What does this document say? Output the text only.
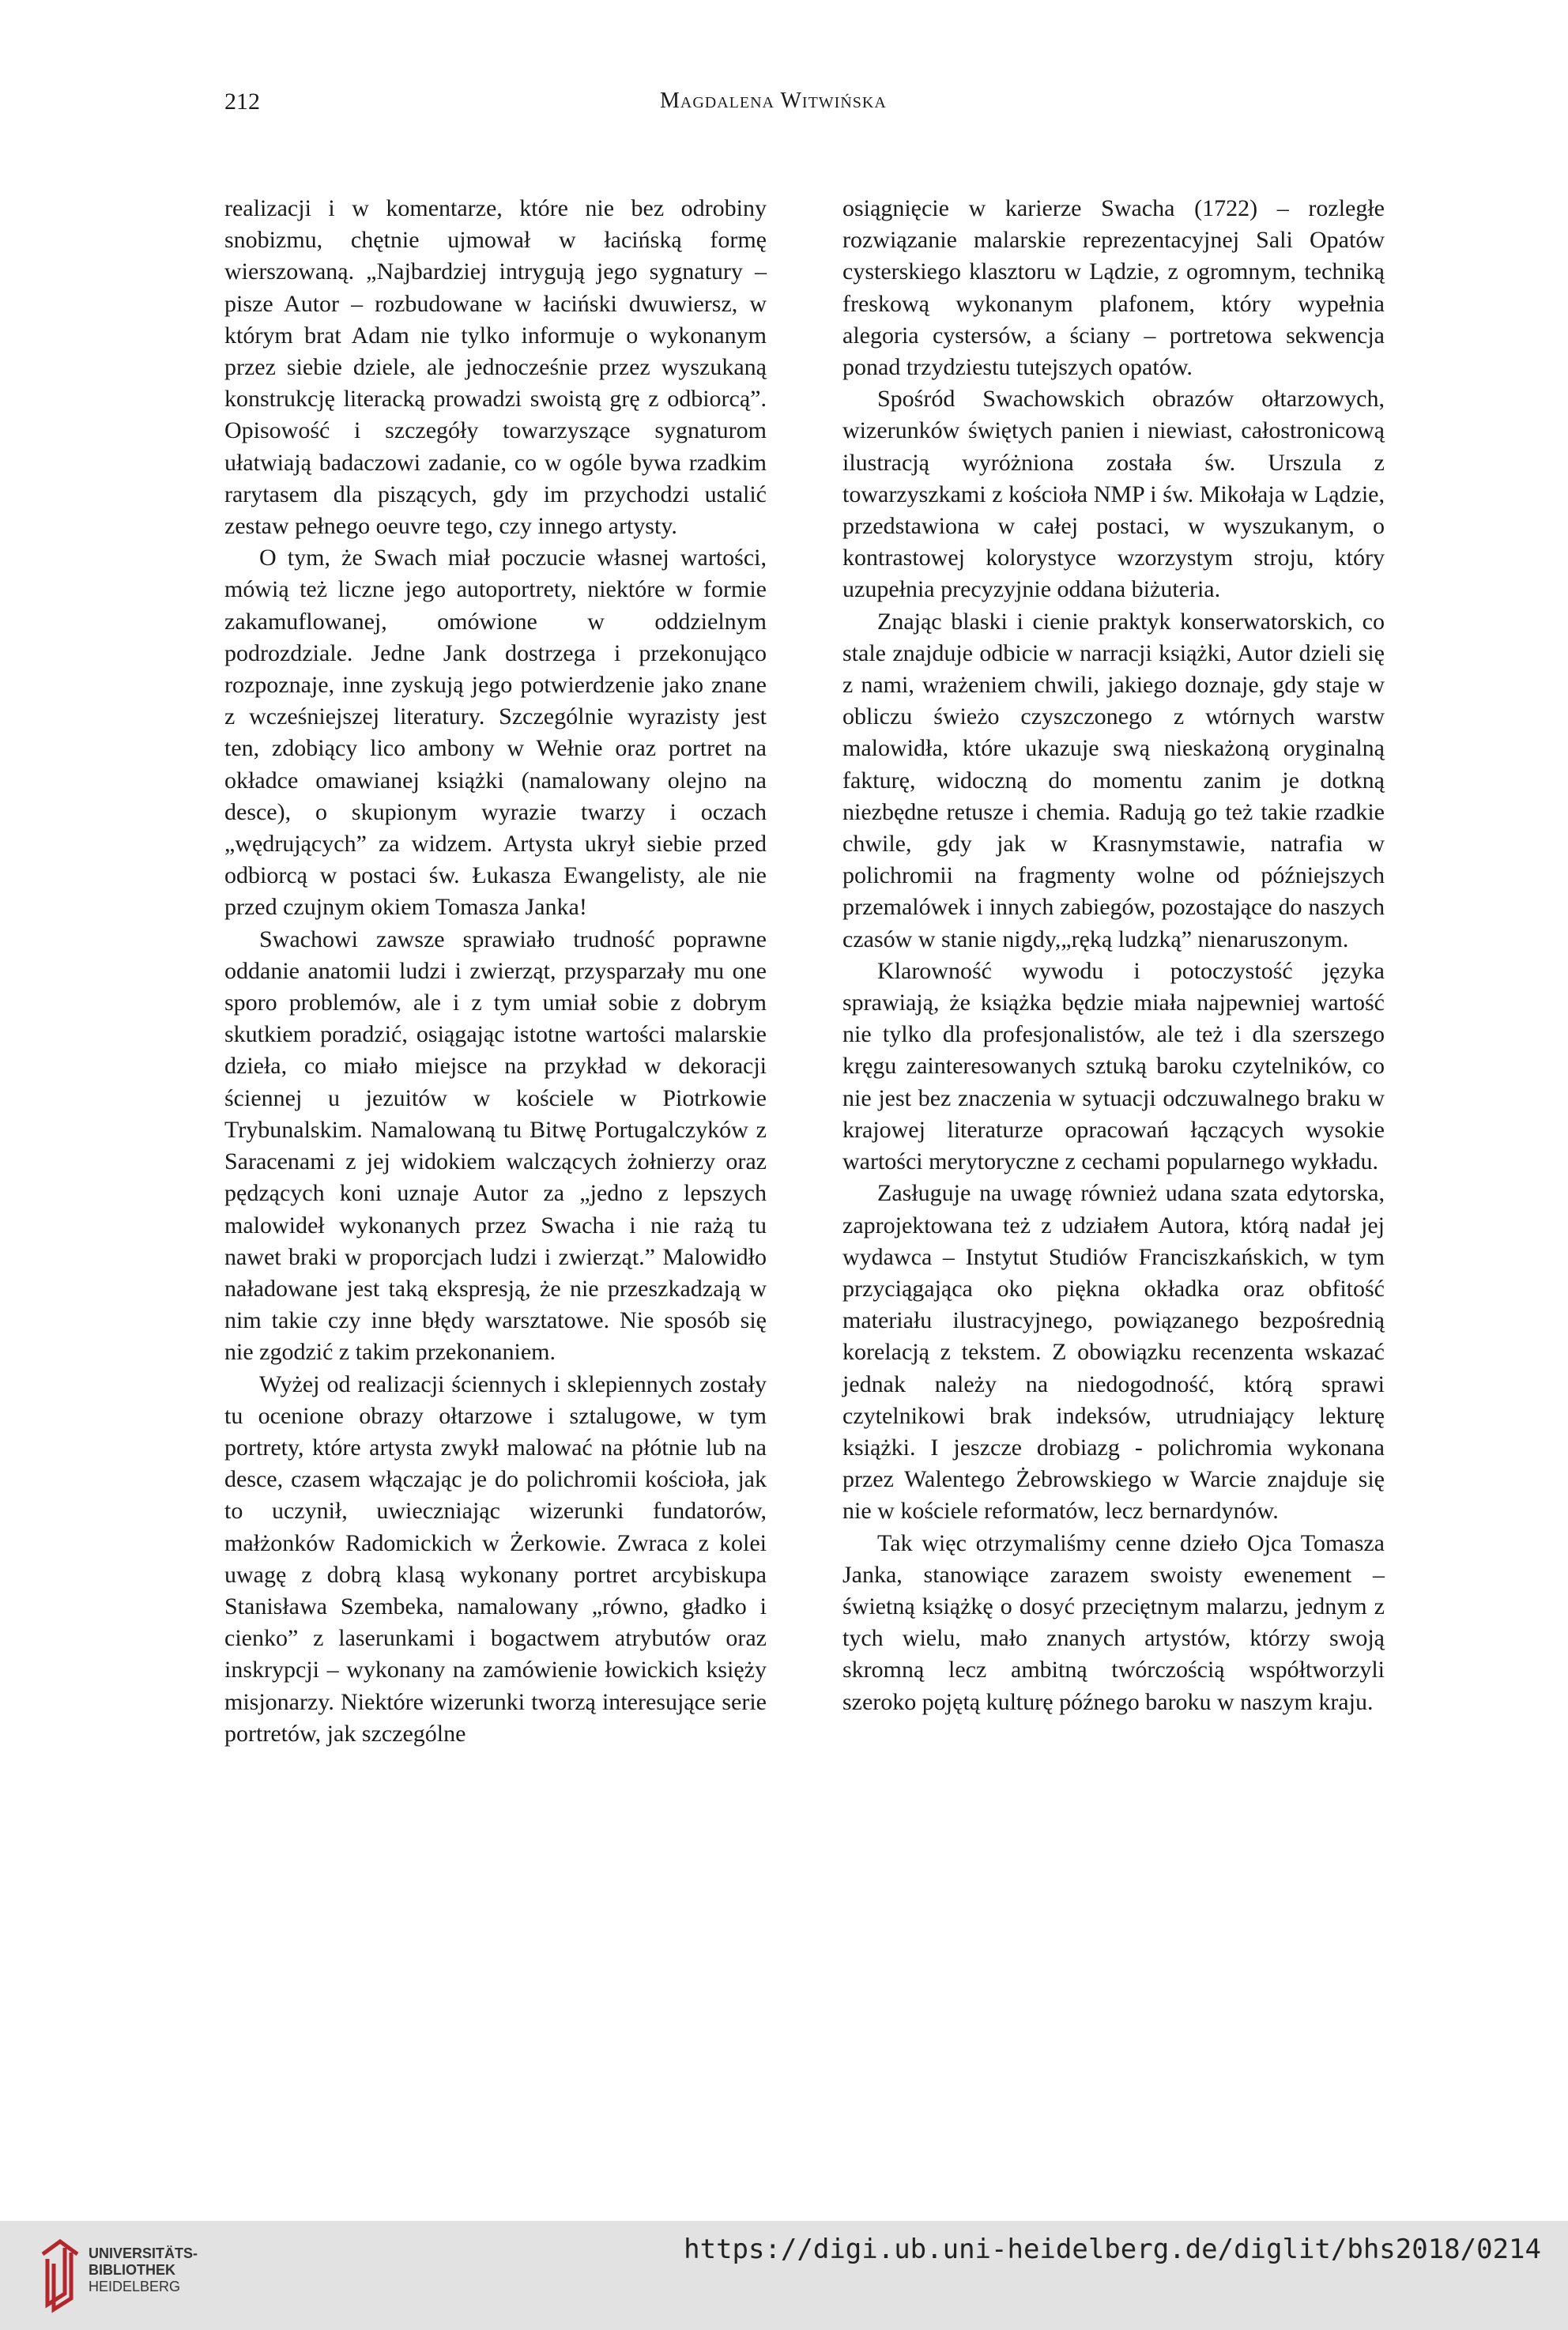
212	Magdalena Witwińska

realizacji i w komentarze, które nie bez odrobiny snobizmu, chętnie ujmował w łacińską formę wierszowaną. „Najbardziej intrygują jego sygnatury – pisze Autor – rozbudowane w łaciński dwuwiersz, w którym brat Adam nie tylko informuje o wykonanym przez siebie dziele, ale jednocześnie przez wyszukaną konstrukcję literacką prowadzi swoistą grę z odbiorcą”. Opisowość i szczegóły towarzyszące sygnaturom ułatwiają badaczowi zadanie, co w ogóle bywa rzadkim rarytasem dla piszących, gdy im przychodzi ustalić zestaw pełnego oeuvre tego, czy innego artysty.

O tym, że Swach miał poczucie własnej wartości, mówią też liczne jego autoportrety, niektóre w formie zakamuflowanej, omówione w oddzielnym podrozdziale. Jedne Jank dostrzega i przekonująco rozpoznaje, inne zyskują jego potwierdzenie jako znane z wcześniejszej literatury. Szczególnie wyrazisty jest ten, zdobiący lico ambony w Wełnie oraz portret na okładce omawianej książki (namalowany olejno na desce), o skupionym wyrazie twarzy i oczach „wędrujących” za widzem. Artysta ukrył siebie przed odbiorcą w postaci św. Łukasza Ewangelisty, ale nie przed czujnym okiem Tomasza Janka!

Swachowi zawsze sprawiało trudność poprawne oddanie anatomii ludzi i zwierząt, przysparzały mu one sporo problemów, ale i z tym umiał sobie z dobrym skutkiem poradzić, osiągając istotne wartości malarskie dzieła, co miało miejsce na przykład w dekoracji ściennej u jezuitów w kościele w Piotrkowie Trybunalskim. Namalowaną tu Bitwę Portugalczyków z Saracenami z jej widokiem walczących żołnierzy oraz pędzących koni uznaje Autor za „jedno z lepszych malowideł wykonanych przez Swacha i nie rażą tu nawet braki w proporcjach ludzi i zwierząt.” Malowidło naładowane jest taką ekspresją, że nie przeszkadzają w nim takie czy inne błędy warsztatowe. Nie sposób się nie zgodzić z takim przekonaniem.

Wyżej od realizacji ściennych i sklepiennych zostały tu ocenione obrazy ołtarzowe i sztalugowe, w tym portrety, które artysta zwykł malować na płótnie lub na desce, czasem włączając je do polichromii kościoła, jak to uczynił, uwieczniając wizerunki fundatorów, małżonków Radomickich w Żerkowie. Zwraca z kolei uwagę z dobrą klasą wykonany portret arcybiskupa Stanisława Szembeka, namalowany „równo, gładko i cienko” z laserunkami i bogactwem atrybutów oraz inskrypcji – wykonany na zamówienie łowickich księży misjonarzy. Niektóre wizerunki tworzą interesujące serie portretów, jak szczególne

osiągnięcie w karierze Swacha (1722) – rozległe rozwiązanie malarskie reprezentacyjnej Sali Opatów cysterskiego klasztoru w Lądzie, z ogromnym, techniką freskową wykonanym plafonem, który wypełnia alegoria cystersów, a ściany – portretowa sekwencja ponad trzydziestu tutejszych opatów.

Spośród Swachowskich obrazów ołtarzowych, wizerunków świętych panien i niewiast, całostronicową ilustracją wyróżniona została św. Urszula z towarzyszkami z kościoła NMP i św. Mikołaja w Lądzie, przedstawiona w całej postaci, w wyszukanym, o kontrastowej kolorystyce wzorzystym stroju, który uzupełnia precyzyjnie oddana biżuteria.

Znając blaski i cienie praktyk konserwatorskich, co stale znajduje odbicie w narracji książki, Autor dzieli się z nami, wrażeniem chwili, jakiego doznaje, gdy staje w obliczu świeżo czyszczonego z wtórnych warstw malowidła, które ukazuje swą nieskażoną oryginalną fakturę, widoczną do momentu zanim je dotkną niezbędne retusze i chemia. Radują go też takie rzadkie chwile, gdy jak w Krasnymstawie, natrafia w polichromii na fragmenty wolne od późniejszych przemalówek i innych zabiegów, pozostające do naszych czasów w stanie nigdy,„ręką ludzką” nienaruszonym.

Klarowność wywodu i potoczystość języka sprawiają, że książka będzie miała najpewniej wartość nie tylko dla profesjonalistów, ale też i dla szerszego kręgu zainteresowanych sztuką baroku czytelników, co nie jest bez znaczenia w sytuacji odczuwalnego braku w krajowej literaturze opracowań łączących wysokie wartości merytoryczne z cechami popularnego wykładu.

Zasługuje na uwagę również udana szata edytorska, zaprojektowana też z udziałem Autora, którą nadał jej wydawca – Instytut Studiów Franciszkańskich, w tym przyciągająca oko piękna okładka oraz obfitość materiału ilustracyjnego, powiązanego bezpośrednią korelacją z tekstem. Z obowiązku recenzenta wskazać jednak należy na niedogodność, którą sprawi czytelnikowi brak indeksów, utrudniający lekturę książki. I jeszcze drobiazg - polichromia wykonana przez Walentego Żebrowskiego w Warcie znajduje się nie w kościele reformatów, lecz bernardynów.

Tak więc otrzymaliśmy cenne dzieło Ojca Tomasza Janka, stanowiące zarazem swoisty ewenement – świetną książkę o dosyć przeciętnym malarzu, jednym z tych wielu, mało znanych artystów, którzy swoją skromną lecz ambitną twórczością współtworzyli szeroko pojętą kulturę późnego baroku w naszym kraju.

UNIVERSITÄTS-
BIBLIOTHEK
HEIDELBERG
https://digi.ub.uni-heidelberg.de/diglit/bhs2018/0214
